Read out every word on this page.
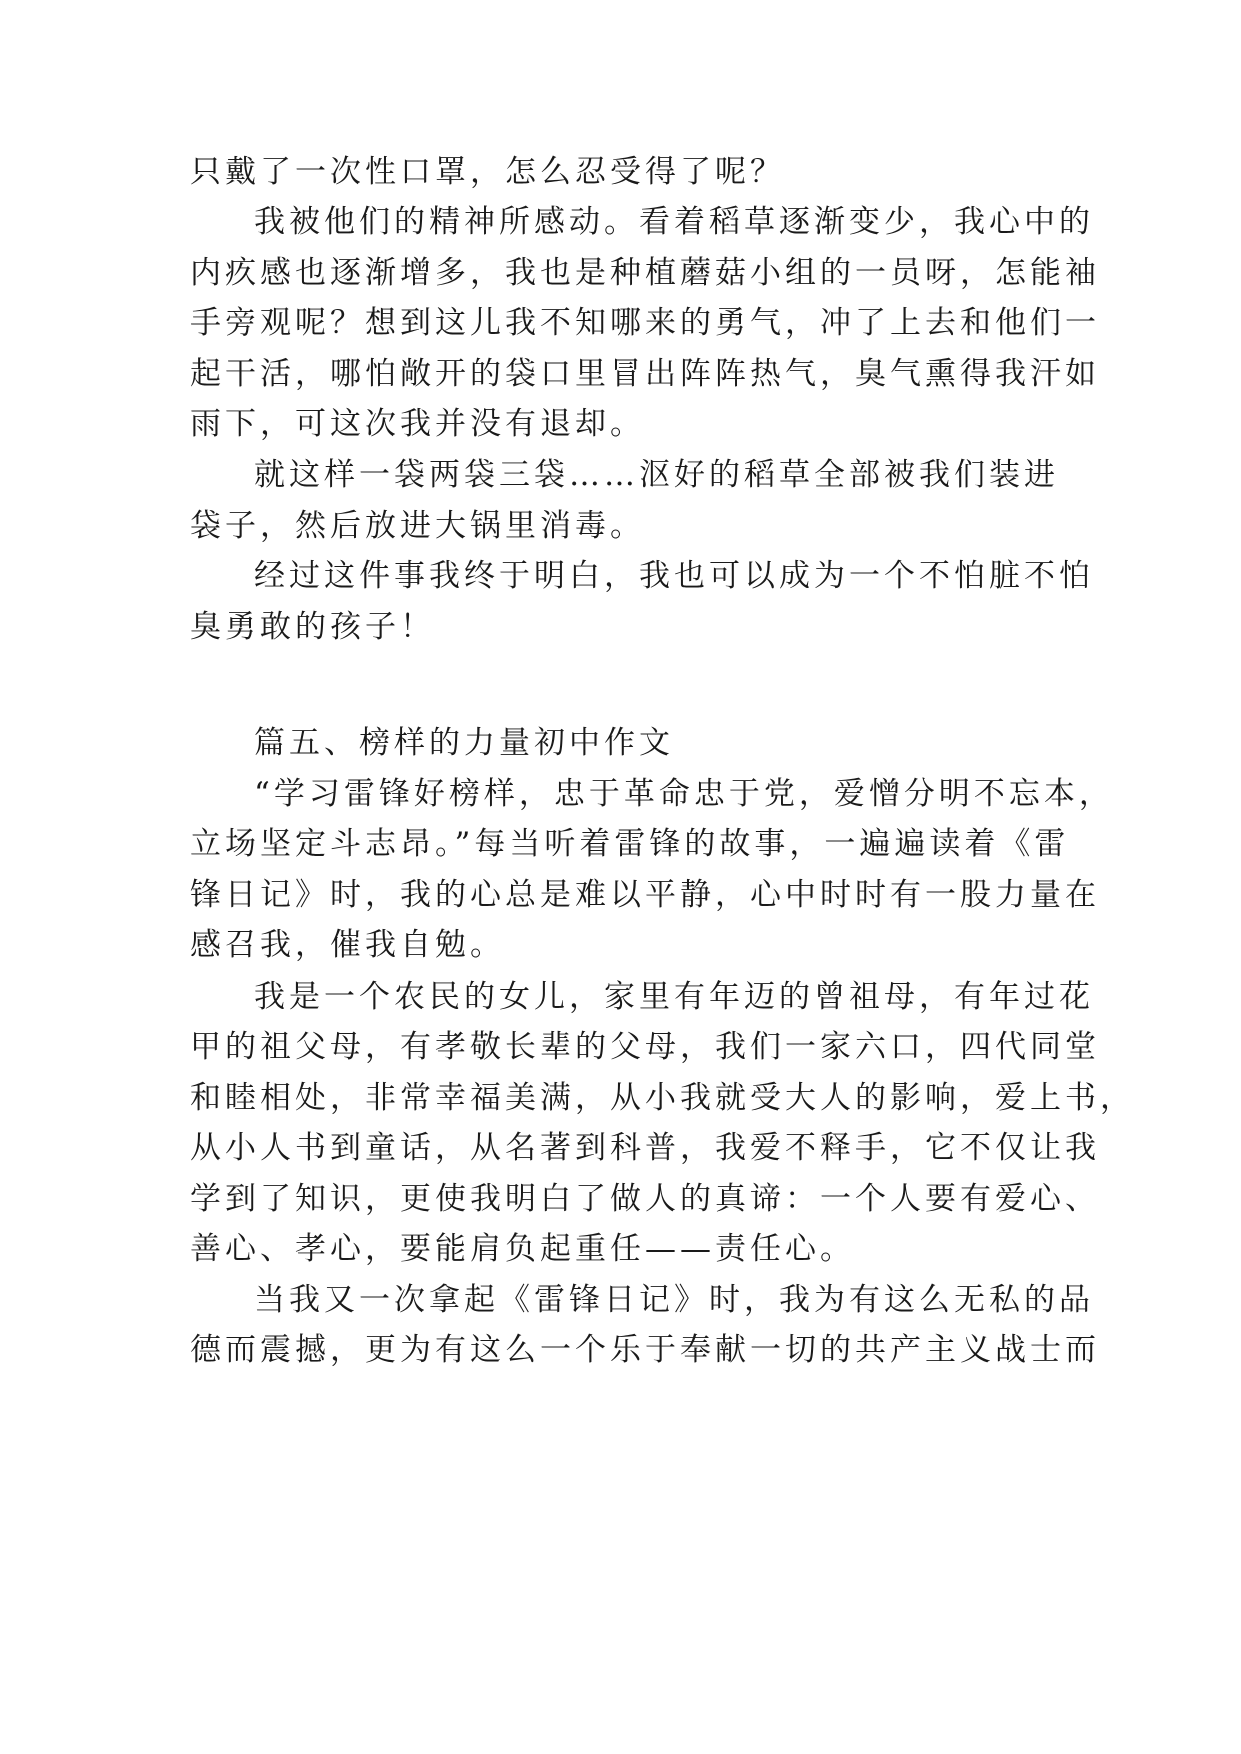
只戴了一次性口罩，怎么忍受得了呢？
我被他们的精神所感动。看着稻草逐渐变少，我心中的
内疚感也逐渐增多，我也是种植蘑菇小组的一员呀，怎能袖
手旁观呢？想到这儿我不知哪来的勇气，冲了上去和他们一
起干活，哪怕敞开的袋口里冒出阵阵热气，臭气熏得我汗如
雨下，可这次我并没有退却。
就这样一袋两袋三袋……沤好的稻草全部被我们装进
袋子，然后放进大锅里消毒。
经过这件事我终于明白，我也可以成为一个不怕脏不怕
臭勇敢的孩子！
篇五、榜样的力量初中作文
“学习雷锋好榜样，忠于革命忠于党，爱憎分明不忘本，
立场坚定斗志昂。”每当听着雷锋的故事，一遍遍读着《雷
锋日记》时，我的心总是难以平静，心中时时有一股力量在
感召我，催我自勉。
我是一个农民的女儿，家里有年迈的曾祖母，有年过花
甲的祖父母，有孝敬长辈的父母，我们一家六口，四代同堂
和睦相处，非常幸福美满，从小我就受大人的影响，爱上书，
从小人书到童话，从名著到科普，我爱不释手，它不仅让我
学到了知识，更使我明白了做人的真谛：一个人要有爱心、
善心、孝心，要能肩负起重任——责任心。
当我又一次拿起《雷锋日记》时，我为有这么无私的品
德而震撼，更为有这么一个乐于奉献一切的共产主义战士而
